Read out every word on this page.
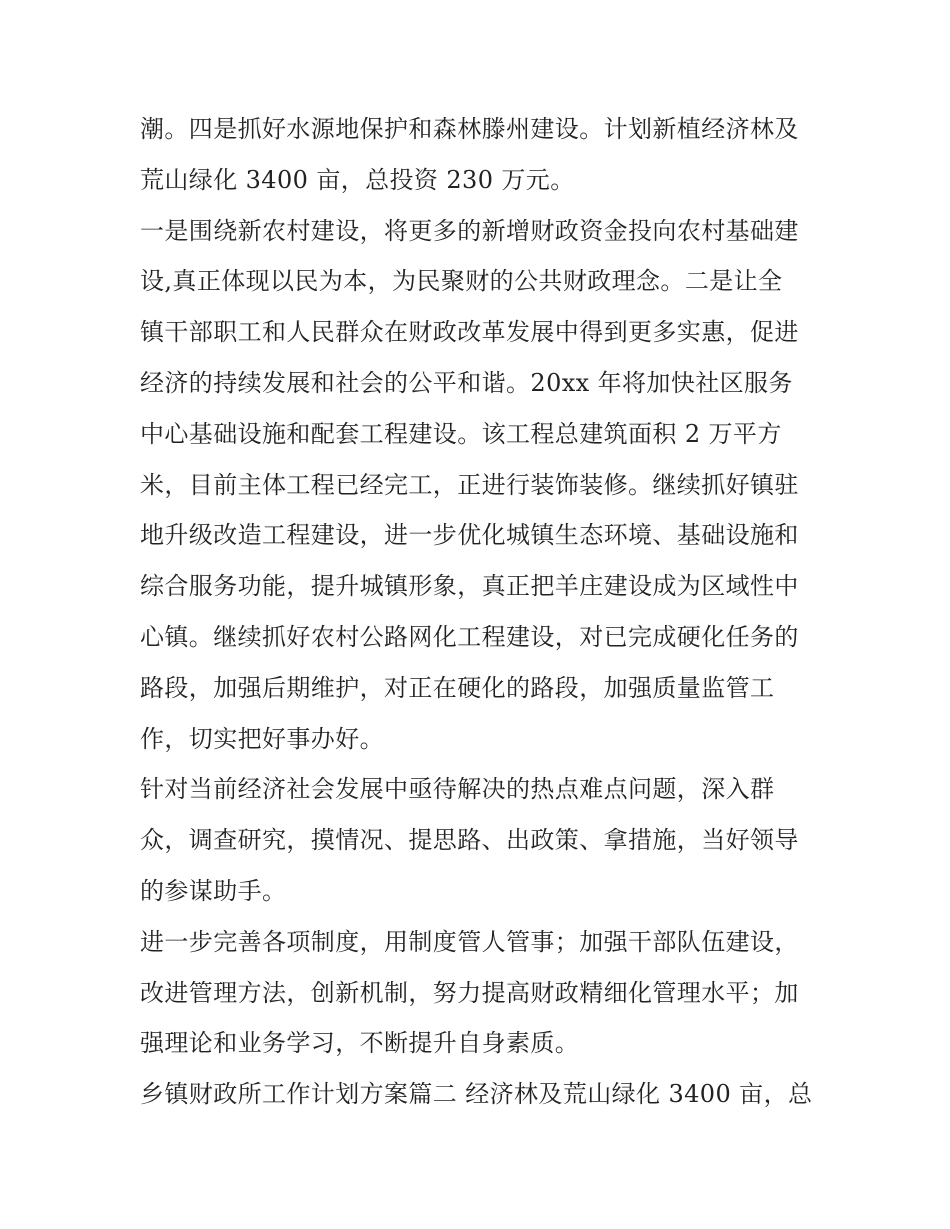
潮。四是抓好水源地保护和森林滕州建设。计划新植经济林及
荒山绿化 3400 亩，总投资 230 万元。
一是围绕新农村建设，将更多的新增财政资金投向农村基础建
设,真正体现以民为本，为民聚财的公共财政理念。二是让全
镇干部职工和人民群众在财政改革发展中得到更多实惠，促进
经济的持续发展和社会的公平和谐。20xx 年将加快社区服务
中心基础设施和配套工程建设。该工程总建筑面积 2 万平方
米，目前主体工程已经完工，正进行装饰装修。继续抓好镇驻
地升级改造工程建设，进一步优化城镇生态环境、基础设施和
综合服务功能，提升城镇形象，真正把羊庄建设成为区域性中
心镇。继续抓好农村公路网化工程建设，对已完成硬化任务的
路段，加强后期维护，对正在硬化的路段，加强质量监管工
作，切实把好事办好。
针对当前经济社会发展中亟待解决的热点难点问题，深入群
众，调查研究，摸情况、提思路、出政策、拿措施，当好领导
的参谋助手。
进一步完善各项制度，用制度管人管事；加强干部队伍建设，
改进管理方法，创新机制，努力提高财政精细化管理水平；加
强理论和业务学习，不断提升自身素质。
乡镇财政所工作计划方案篇二 经济林及荒山绿化 3400 亩，总
